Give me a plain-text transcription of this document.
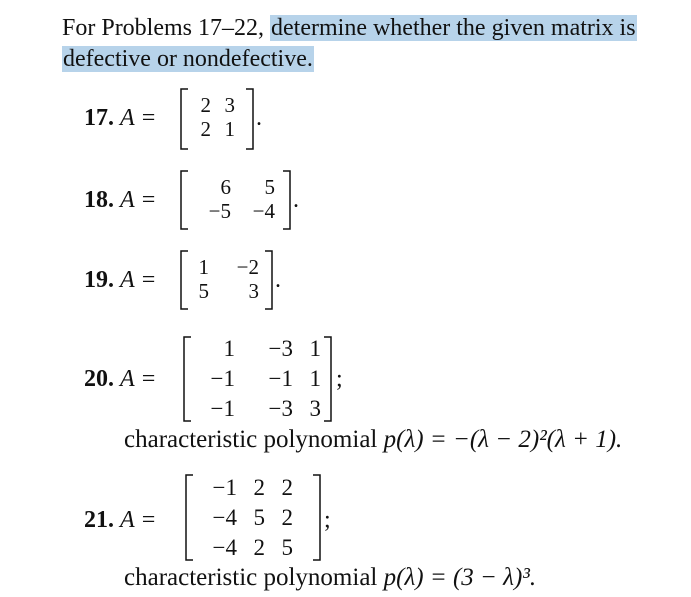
For Problems 17–22, determine whether the given matrix is
defective or nondefective.
17. A =	2 3
2 1 .
18. A =	6	5
−5	−4 .
19. A =	1	−2
5	3 .
20. A =
1	−3 1
−1	−1 1
−1	−3 3
;
characteristic polynomial p(λ) = −(λ − 2)²(λ + 1).
21. A =
−1 2 2
−4 5 2
−4 2 5
;
characteristic polynomial p(λ) = (3 − λ)³.
